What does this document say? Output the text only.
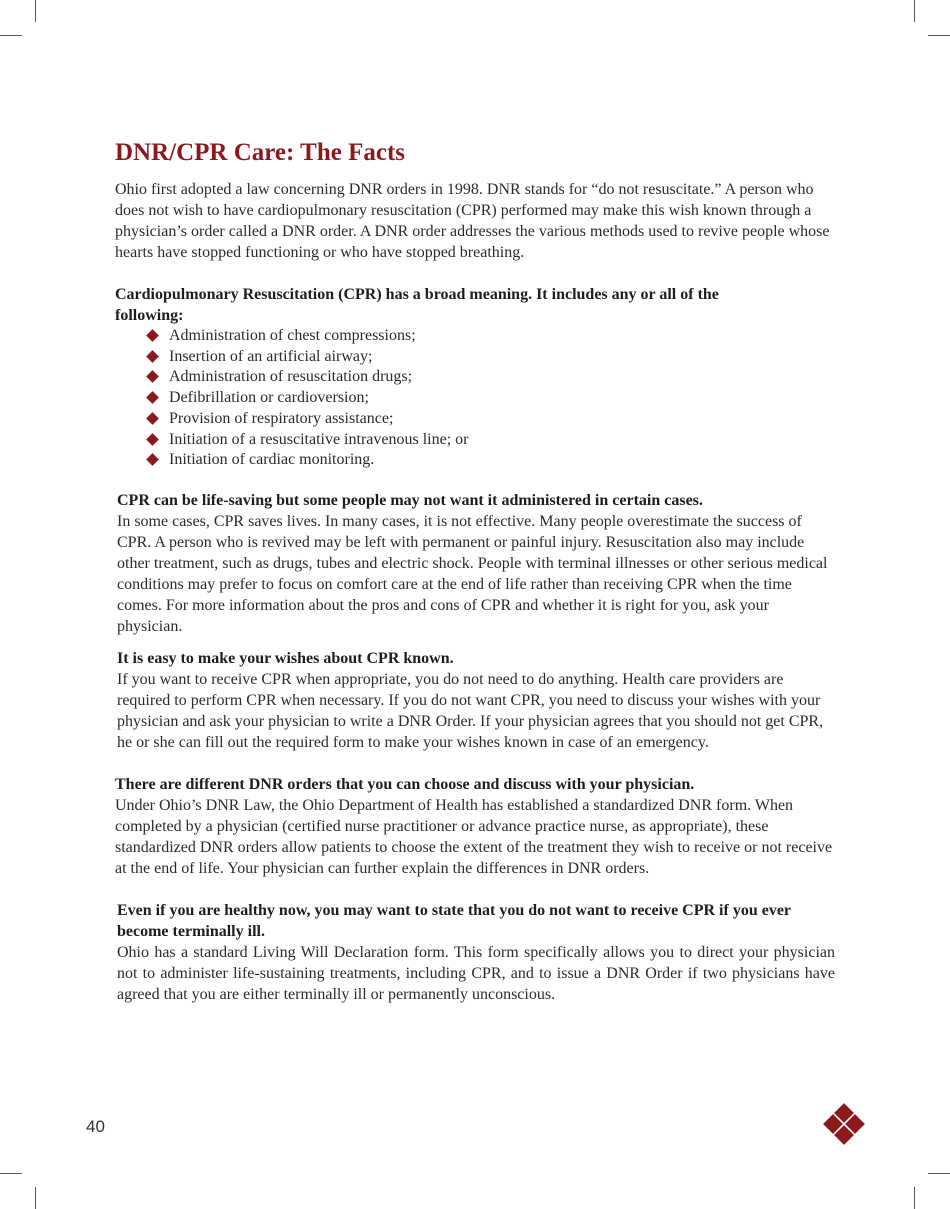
DNR/CPR Care: The Facts

Ohio first adopted a law concerning DNR orders in 1998. DNR stands for “do not resuscitate.” A person who does not wish to have cardiopulmonary resuscitation (CPR) performed may make this wish known through a physician’s order called a DNR order. A DNR order addresses the various methods used to revive people whose hearts have stopped functioning or who have stopped breathing.

Cardiopulmonary Resuscitation (CPR) has a broad meaning. It includes any or all of the following:

Administration of chest compressions;
Insertion of an artificial airway;
Administration of resuscitation drugs;
Defibrillation or cardioversion;
Provision of respiratory assistance;
Initiation of a resuscitative intravenous line; or
Initiation of cardiac monitoring.

CPR can be life-saving but some people may not want it administered in certain cases.

In some cases, CPR saves lives. In many cases, it is not effective. Many people overestimate the success of CPR. A person who is revived may be left with permanent or painful injury. Resuscitation also may include other treatment, such as drugs, tubes and electric shock. People with terminal illnesses or other serious medical conditions may prefer to focus on comfort care at the end of life rather than receiving CPR when the time comes. For more information about the pros and cons of CPR and whether it is right for you, ask your physician.

It is easy to make your wishes about CPR known.

If you want to receive CPR when appropriate, you do not need to do anything. Health care providers are required to perform CPR when necessary. If you do not want CPR, you need to discuss your wishes with your physician and ask your physician to write a DNR Order. If your physician agrees that you should not get CPR, he or she can fill out the required form to make your wishes known in case of an emergency.

There are different DNR orders that you can choose and discuss with your physician.

Under Ohio’s DNR Law, the Ohio Department of Health has established a standardized DNR form. When completed by a physician (certified nurse practitioner or advance practice nurse, as appropriate), these standardized DNR orders allow patients to choose the extent of the treatment they wish to receive or not receive at the end of life. Your physician can further explain the differences in DNR orders.

Even if you are healthy now, you may want to state that you do not want to receive CPR if you ever become terminally ill.

Ohio has a standard Living Will Declaration form. This form specifically allows you to direct your physician not to administer life-sustaining treatments, including CPR, and to issue a DNR Order if two physicians have agreed that you are either terminally ill or permanently unconscious.

40
